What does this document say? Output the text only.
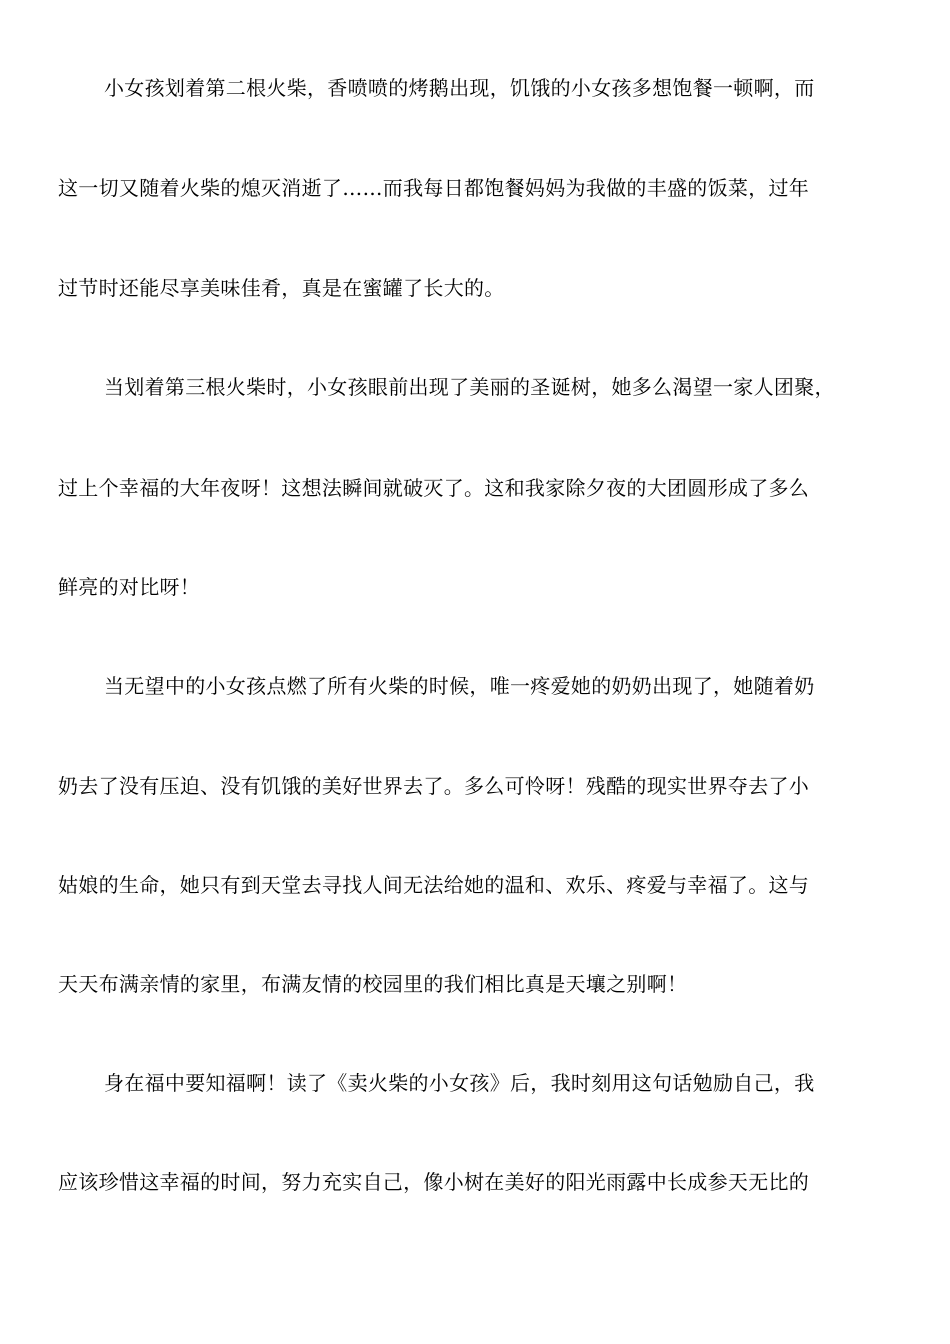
小女孩划着第二根火柴，香喷喷的烤鹅出现，饥饿的小女孩多想饱餐一顿啊，而
这一切又随着火柴的熄灭消逝了……而我每日都饱餐妈妈为我做的丰盛的饭菜，过年
过节时还能尽享美味佳肴，真是在蜜罐了长大的。
当划着第三根火柴时，小女孩眼前出现了美丽的圣诞树，她多么渴望一家人团聚，
过上个幸福的大年夜呀！这想法瞬间就破灭了。这和我家除夕夜的大团圆形成了多么
鲜亮的对比呀！
当无望中的小女孩点燃了所有火柴的时候，唯一疼爱她的奶奶出现了，她随着奶
奶去了没有压迫、没有饥饿的美好世界去了。多么可怜呀！残酷的现实世界夺去了小
姑娘的生命，她只有到天堂去寻找人间无法给她的温和、欢乐、疼爱与幸福了。这与
天天布满亲情的家里，布满友情的校园里的我们相比真是天壤之别啊！
身在福中要知福啊！读了《卖火柴的小女孩》后，我时刻用这句话勉励自己，我
应该珍惜这幸福的时间，努力充实自己，像小树在美好的阳光雨露中长成参天无比的
